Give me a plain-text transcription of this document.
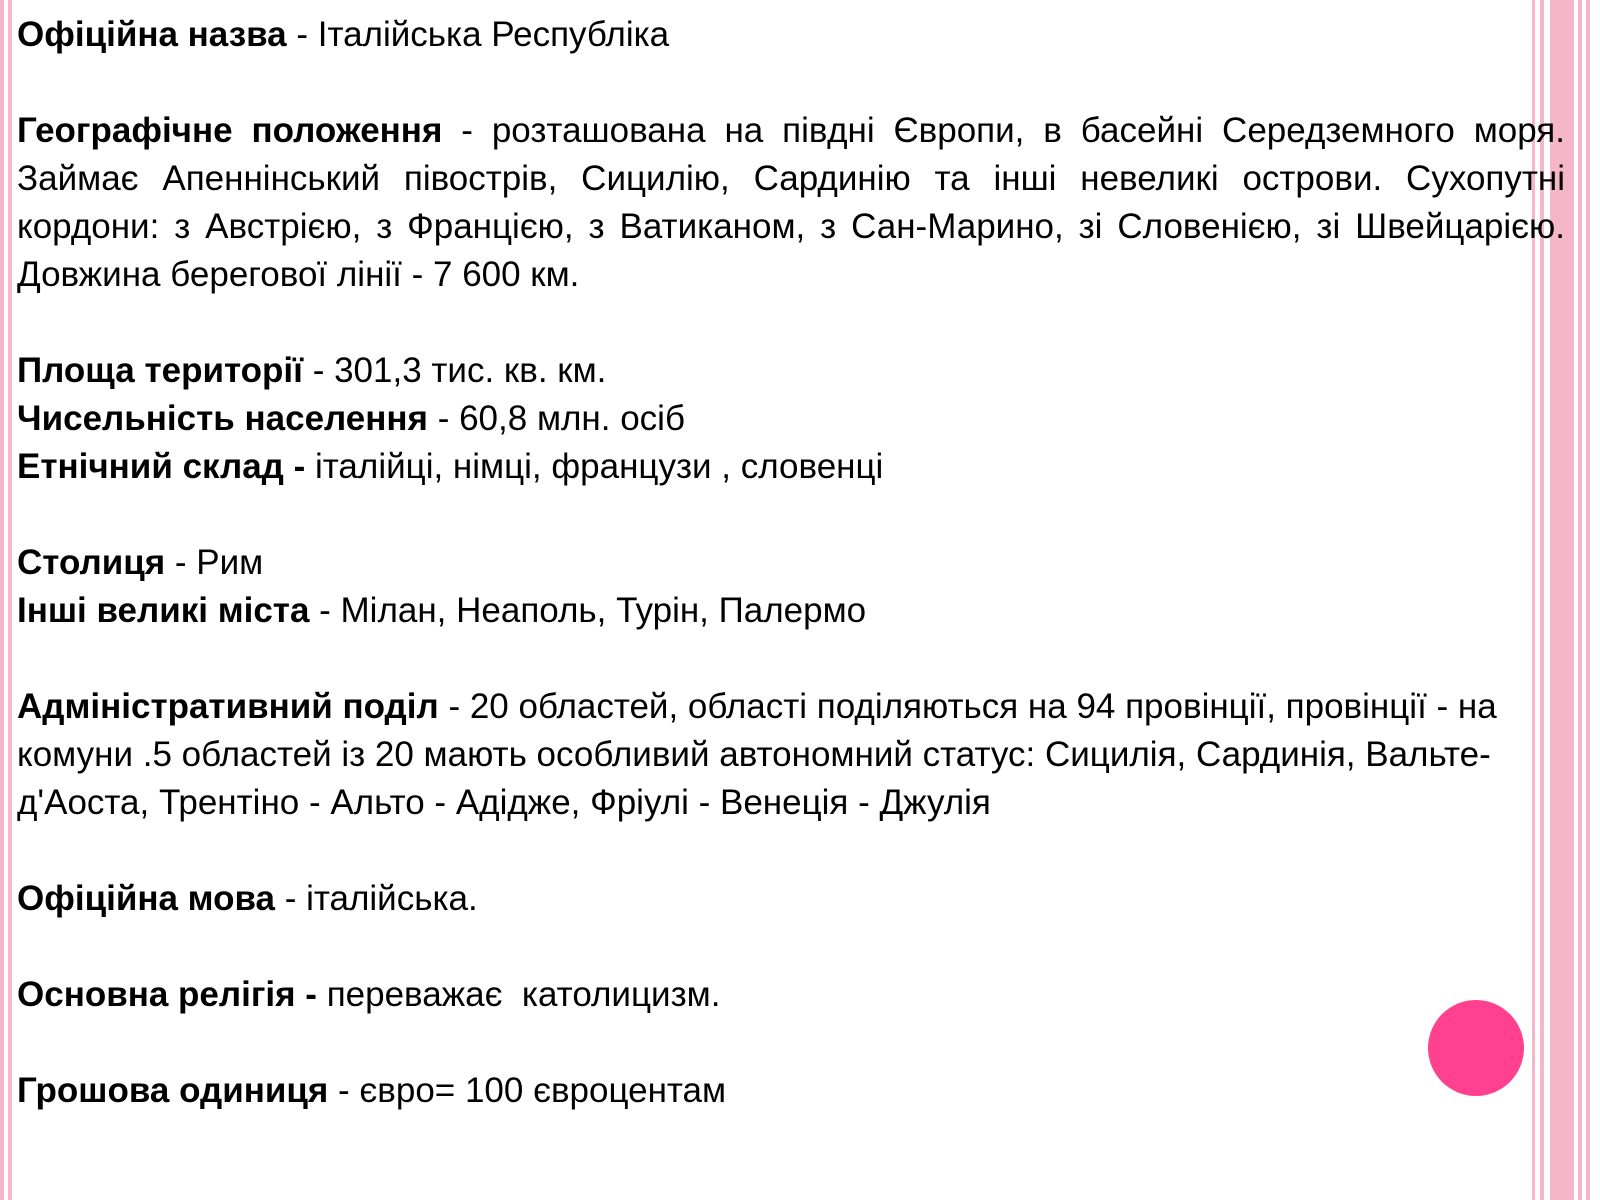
Офіційна назва - Італійська Республіка

Географічне положення - розташована на півдні Європи, в басейні Середземного моря. Займає Апеннінський півострів, Сицилію, Сардинію та інші невеликі острови. Сухопутні кордони: з Австрією, з Францією, з Ватиканом, з Сан-Марино, зі Словенією, зі Швейцарією. Довжина берегової лінії - 7 600 км.

Площа території - 301,3 тис. кв. км.

Чисельність населення - 60,8 млн. осіб

Етнічний склад - італійці, німці, французи , словенці

Столиця - Рим

Інші великі міста - Мілан, Неаполь, Турін, Палермо

Адміністративний поділ - 20 областей, області поділяються на 94 провінції, провінції - на комуни .5 областей із 20 мають особливий автономний статус: Сицилія, Сардинія, Вальте-д'Аоста, Трентіно - Альто - Адідже, Фріулі - Венеція - Джулія

Офіційна мова - італійська.

Основна релігія - переважає  католицизм.

Грошова одиниця - євро= 100 євроцентам
